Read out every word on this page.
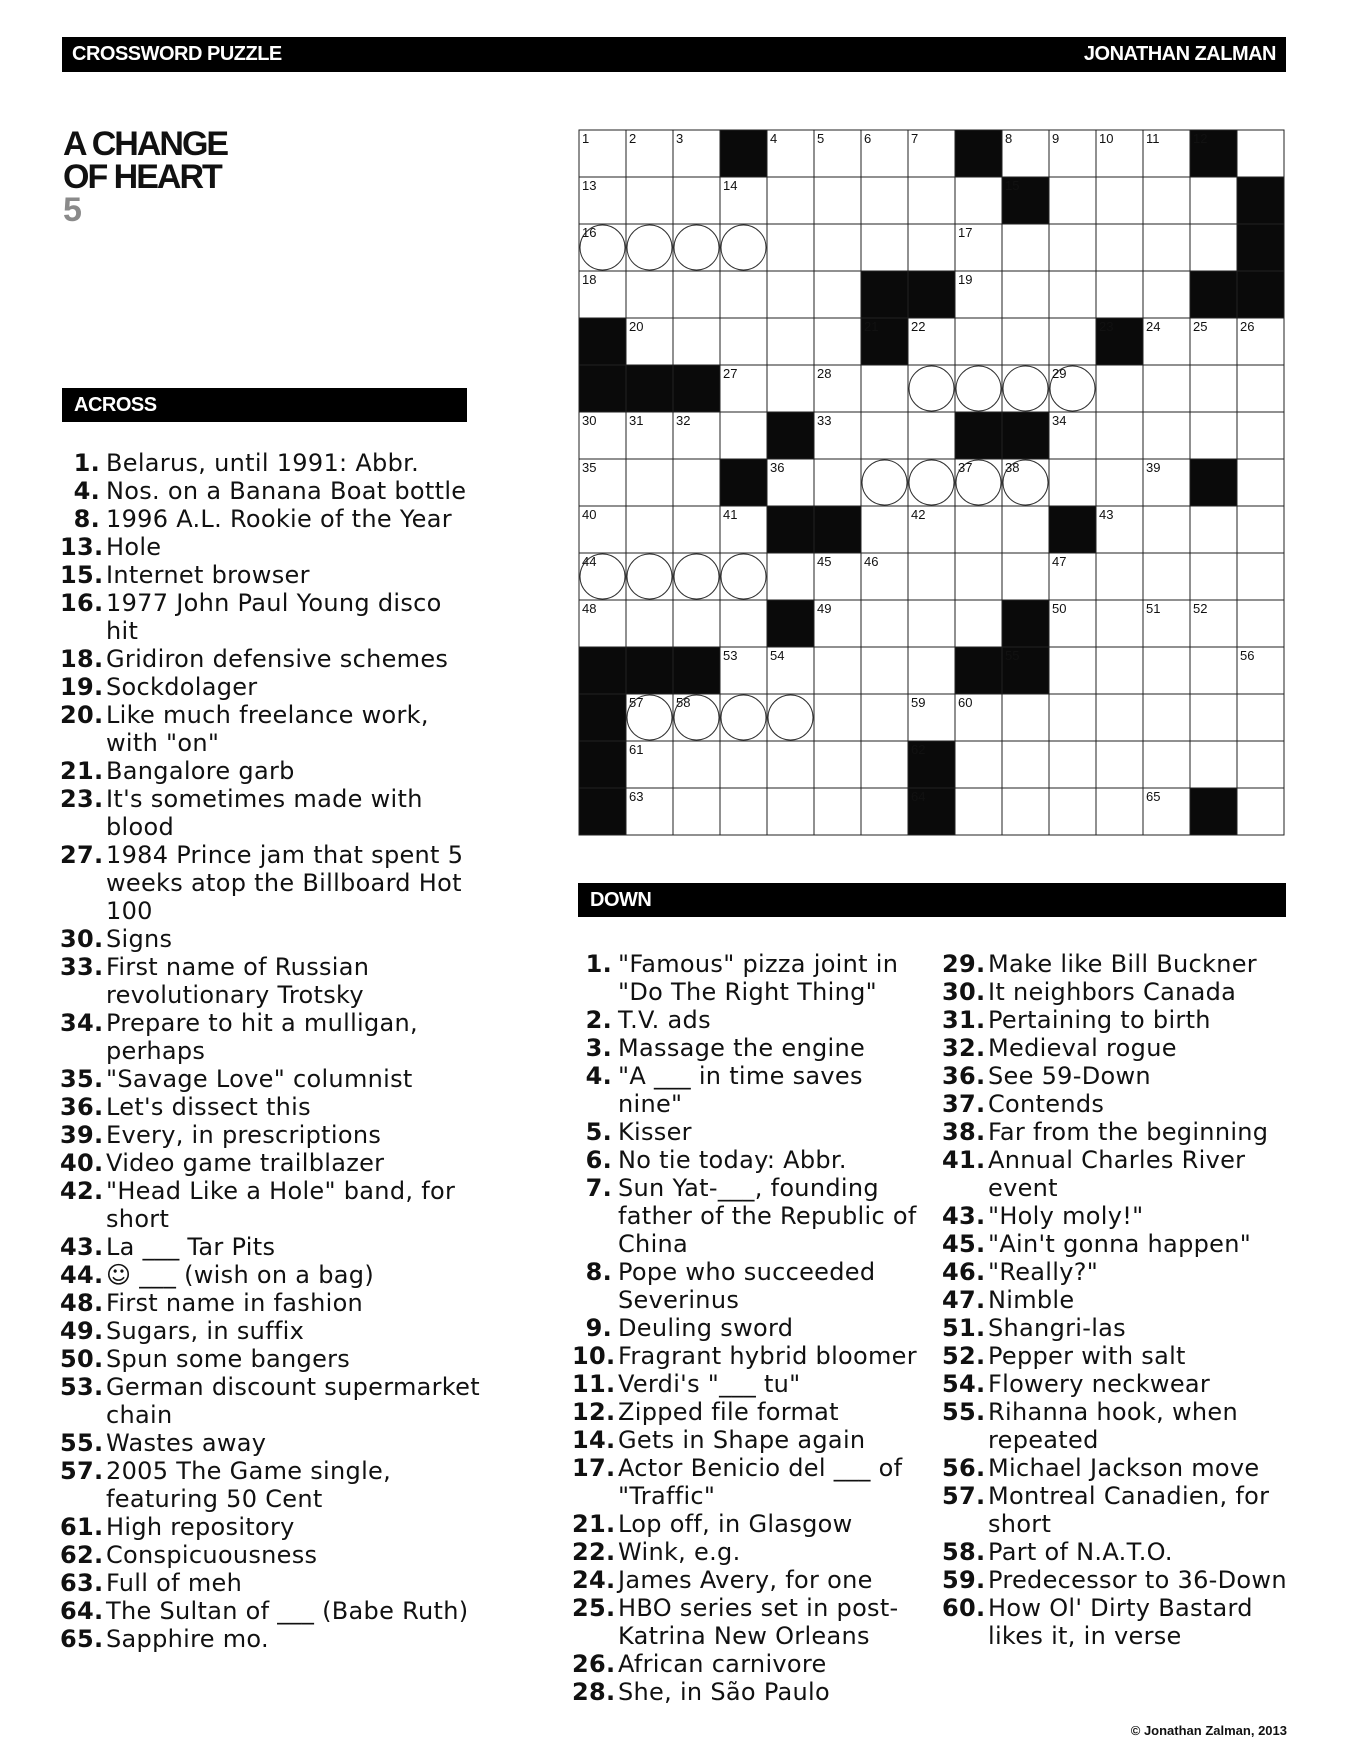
CROSSWORD PUZZLE	JONATHAN ZALMAN
A CHANGE
OF HEART
5
ACROSS
DOWN
1	2	3	4	5	6	7	8	9	10	11	12
13	14	15
16	17
18	19
20	21	22	23	24	25	26
27	28	29
30	31	32	33	34
35	36	37	38	39
40	41	42	43
44	45	46	47
48	49	50	51	52
53	54	55	56
57	58	59	60
61	62
63	64	65
1. Belarus, until 1991: Abbr.
4. Nos. on a Banana Boat bottle
8. 1996 A.L. Rookie of the Year
13. Hole
15. Internet browser
16. 1977 John Paul Young disco hit
18. Gridiron defensive schemes
19. Sockdolager
20. Like much freelance work, with "on"
21. Bangalore garb
23. It's sometimes made with blood
27. 1984 Prince jam that spent 5 weeks atop the Billboard Hot 100
30. Signs
33. First name of Russian revolutionary Trotsky
34. Prepare to hit a mulligan, perhaps
35. "Savage Love" columnist
36. Let's dissect this
39. Every, in prescriptions
40. Video game trailblazer
42. "Head Like a Hole" band, for short
43. La ___ Tar Pits
44. ☺ ___ (wish on a bag)
48. First name in fashion
49. Sugars, in suffix
50. Spun some bangers
53. German discount supermarket chain
55. Wastes away
57. 2005 The Game single, featuring 50 Cent
61. High repository
62. Conspicuousness
63. Full of meh
64. The Sultan of ___ (Babe Ruth)
65. Sapphire mo.
1. "Famous" pizza joint in "Do The Right Thing"
2. T.V. ads
3. Massage the engine
4. "A ___ in time saves nine"
5. Kisser
6. No tie today: Abbr.
7. Sun Yat-___, founding father of the Republic of China
8. Pope who succeeded Severinus
9. Deuling sword
10. Fragrant hybrid bloomer
11. Verdi's "___ tu"
12. Zipped file format
14. Gets in Shape again
17. Actor Benicio del ___ of "Traffic"
21. Lop off, in Glasgow
22. Wink, e.g.
24. James Avery, for one
25. HBO series set in post-Katrina New Orleans
26. African carnivore
28. She, in São Paulo
29. Make like Bill Buckner
30. It neighbors Canada
31. Pertaining to birth
32. Medieval rogue
36. See 59-Down
37. Contends
38. Far from the beginning
41. Annual Charles River event
43. "Holy moly!"
45. "Ain't gonna happen"
46. "Really?"
47. Nimble
51. Shangri-las
52. Pepper with salt
54. Flowery neckwear
55. Rihanna hook, when repeated
56. Michael Jackson move
57. Montreal Canadien, for short
58. Part of N.A.T.O.
59. Predecessor to 36-Down
60. How Ol' Dirty Bastard likes it, in verse
© Jonathan Zalman, 2013
